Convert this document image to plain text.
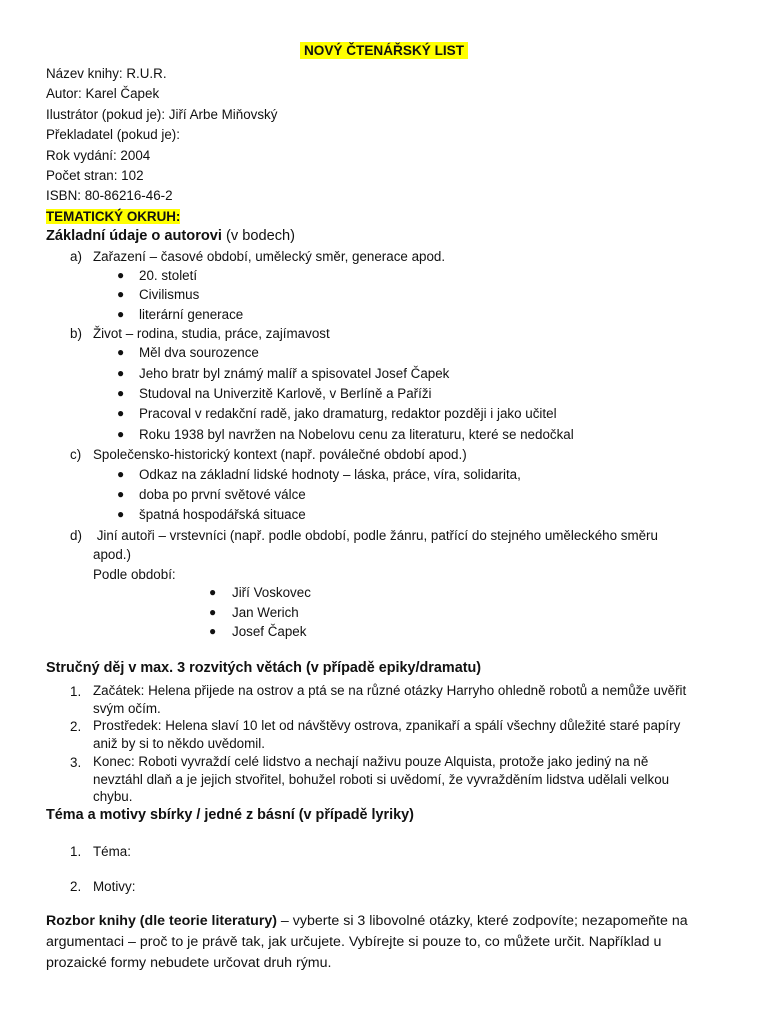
NOVÝ ČTENÁŘSKÝ LIST
Název knihy: R.U.R.
Autor: Karel Čapek
Ilustrátor (pokud je): Jiří Arbe Miňovský
Překladatel (pokud je):
Rok vydání: 2004
Počet stran: 102
ISBN: 80-86216-46-2
TEMATICKÝ OKRUH:
Základní údaje o autorovi (v bodech)
a) Zařazení – časové období, umělecký směr, generace apod.
● 20. století
● Civilismus
● literární generace
b) Život – rodina, studia, práce, zajímavost
● Měl dva sourozence
● Jeho bratr byl známý malíř a spisovatel Josef Čapek
● Studoval na Univerzitě Karlově, v Berlíně a Paříži
● Pracoval v redakční radě, jako dramaturg, redaktor později i jako učitel
● Roku 1938 byl navržen na Nobelovu cenu za literaturu, které se nedočkal
c) Společensko-historický kontext (např. poválečné období apod.)
● Odkaz na základní lidské hodnoty – láska, práce, víra, solidarita,
● doba po první světové válce
● špatná hospodářská situace
d) Jiní autoři – vrstevníci (např. podle období, podle žánru, patřící do stejného uměleckého směru
apod.)
Podle období:
● Jiří Voskovec
● Jan Werich
● Josef Čapek
Stručný děj v max. 3 rozvitých větách (v případě epiky/dramatu)
1. Začátek: Helena přijede na ostrov a ptá se na různé otázky Harryho ohledně robotů a nemůže uvěřit
svým očím.
2. Prostředek: Helena slaví 10 let od návštěvy ostrova, zpanikaří a spálí všechny důležité staré papíry
aniž by si to někdo uvědomil.
3. Konec: Roboti vyvraždí celé lidstvo a nechají naživu pouze Alquista, protože jako jediný na ně
nevztáhl dlaň a je jejich stvořitel, bohužel roboti si uvědomí, že vyvražděním lidstva udělali velkou
chybu.
Téma a motivy sbírky / jedné z básní (v případě lyriky)
1. Téma:
2. Motivy:
Rozbor knihy (dle teorie literatury) – vyberte si 3 libovolné otázky, které zodpovíte; nezapomeňte na argumentaci – proč to je právě tak, jak určujete. Vybírejte si pouze to, co můžete určit. Například u prozaické formy nebudete určovat druh rýmu.
